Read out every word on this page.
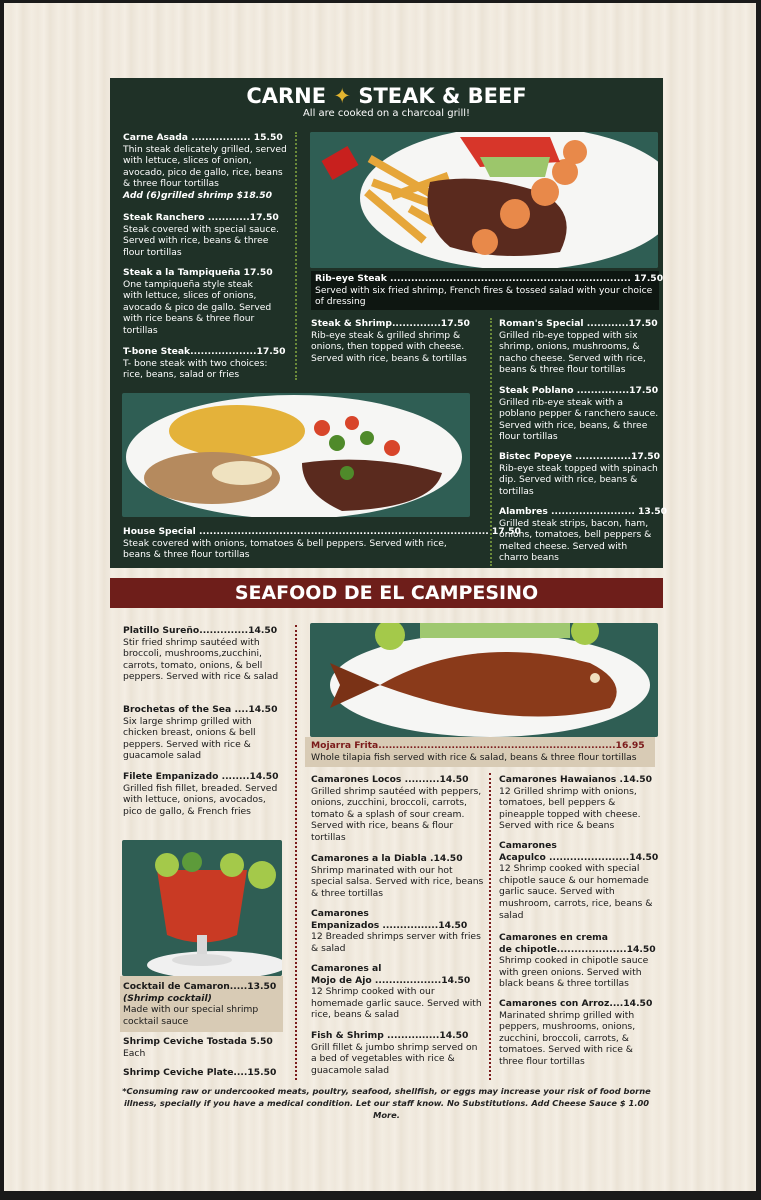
CARNE ✦ STEAK & BEEF
All are cooked on a charcoal grill!
Carne Asada ................. 15.50
Thin steak delicately grilled, served with lettuce, slices of onion, avocado, pico de gallo, rice, beans & three flour tortillas
Add (6)grilled shrimp $18.50
Steak Ranchero ............17.50
Steak covered with special sauce. Served with rice, beans & three flour tortillas
Steak a la Tampiqueña 17.50
One tampiqueña style steak with lettuce, slices of onions, avocado & pico de gallo. Served with rice beans & three flour tortillas
T-bone Steak...................17.50
T- bone steak with two choices: rice, beans, salad or fries
Rib-eye Steak ..................................................................... 17.50
Served with six fried shrimp, French fires & tossed salad with your choice of dressing
Steak & Shrimp..............17.50
Rib-eye steak & grilled shrimp & onions, then topped with cheese. Served with rice, beans & tortillas
Roman's Special ............17.50
Grilled rib-eye topped with six shrimp, onions, mushrooms, & nacho cheese. Served with rice, beans & three flour tortillas
Steak Poblano ...............17.50
Grilled rib-eye steak with a poblano pepper & ranchero sauce. Served with rice, beans, & three flour tortillas
Bistec Popeye ................17.50
Rib-eye steak topped with spinach dip. Served with rice, beans & tortillas
Alambres ........................ 13.50
Grilled steak strips, bacon, ham, onions, tomatoes, bell peppers & melted cheese. Served with charro beans
House Special ................................................................................... 17.50
Steak covered with onions, tomatoes & bell peppers. Served with rice, beans & three flour tortillas
SEAFOOD DE EL CAMPESINO
Platillo Sureño..............14.50
Stir fried shrimp sautéed with broccoli, mushrooms,zucchini, carrots, tomato, onions, & bell peppers. Served with rice & salad
Brochetas of the Sea ....14.50
Six large shrimp grilled with chicken breast, onions & bell peppers. Served with rice & guacamole salad
Filete Empanizado ........14.50
Grilled fish fillet, breaded. Served with lettuce, onions, avocados, pico de gallo, & French fries
Cocktail de Camaron.....13.50
(Shrimp cocktail)
Made with our special shrimp cocktail sauce
Shrimp Ceviche Tostada 5.50
Each
Shrimp Ceviche Plate....15.50
Mojarra Frita....................................................................16.95
Whole tilapia fish served with rice & salad, beans & three flour tortillas
Camarones Locos ..........14.50
Grilled shrimp sautéed with peppers, onions, zucchini, broccoli, carrots, tomato & a splash of sour cream. Served with rice, beans & flour tortillas
Camarones a la Diabla .14.50
Shrimp marinated with our hot special salsa. Served with rice, beans & three tortillas
Camarones
Empanizados ................14.50
12 Breaded shrimps server with fries & salad
Camarones al
Mojo de Ajo ...................14.50
12 Shrimp cooked with our homemade garlic sauce. Served with rice, beans & salad
Fish & Shrimp ...............14.50
Grill fillet & jumbo shrimp served on a bed of vegetables with rice & guacamole salad
Camarones Hawaianos .14.50
12 Grilled shrimp with onions, tomatoes, bell peppers & pineapple topped with cheese. Served with rice & beans
Camarones
Acapulco .......................14.50
12 Shrimp cooked with special chipotle sauce & our homemade garlic sauce. Served with mushroom, carrots, rice, beans & salad
Camarones en crema
de chipotle....................14.50
Shrimp cooked in chipotle sauce with green onions. Served with black beans & three tortillas
Camarones con Arroz....14.50
Marinated shrimp grilled with peppers, mushrooms, onions, zucchini, broccoli, carrots, & tomatoes. Served with rice & three flour tortillas
*Consuming raw or undercooked meats, poultry, seafood, shellfish, or eggs may increase your risk of food borne illness, specially if you have a medical condition. Let our staff know. No Substitutions. Add Cheese Sauce $ 1.00 More.
